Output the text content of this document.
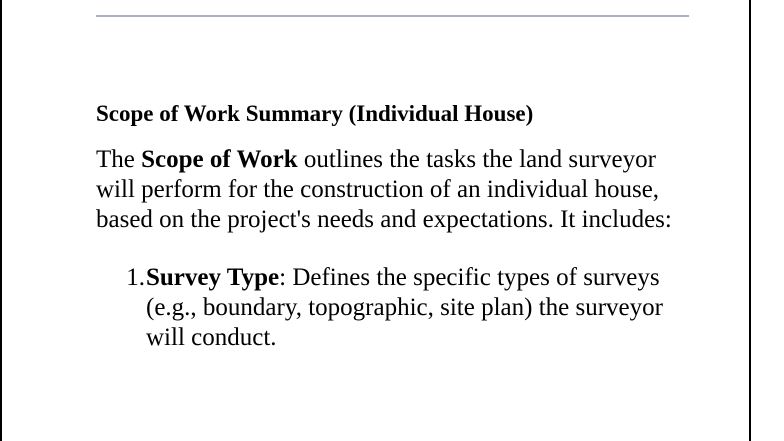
Scope of Work Summary (Individual House)

The Scope of Work outlines the tasks the land surveyor will perform for the construction of an individual house, based on the project's needs and expectations. It includes:

1. Survey Type: Defines the specific types of surveys (e.g., boundary, topographic, site plan) the surveyor will conduct.
